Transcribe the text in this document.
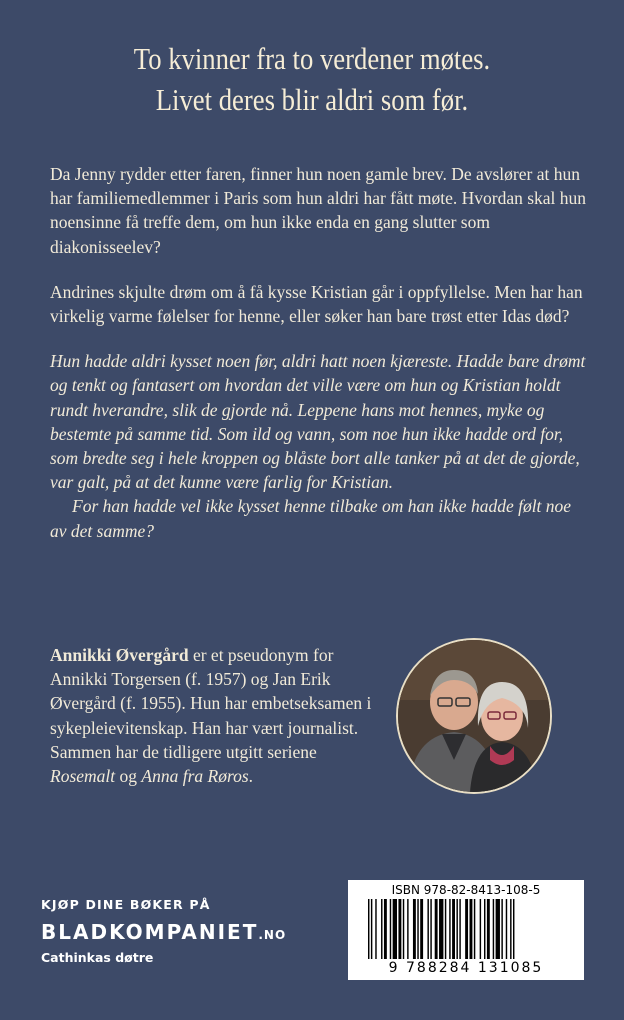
To kvinner fra to verdener møtes.
Livet deres blir aldri som før.

Da Jenny rydder etter faren, finner hun noen gamle brev. De avslører at hun har familiemedlemmer i Paris som hun aldri har fått møte. Hvordan skal hun noensinne få treffe dem, om hun ikke enda en gang slutter som diakonisseelev?

Andrines skjulte drøm om å få kysse Kristian går i oppfyllelse. Men har han virkelig varme følelser for henne, eller søker han bare trøst etter Idas død?

Hun hadde aldri kysset noen før, aldri hatt noen kjæreste. Hadde bare drømt og tenkt og fantasert om hvordan det ville være om hun og Kristian holdt rundt hverandre, slik de gjorde nå. Leppene hans mot hennes, myke og bestemte på samme tid. Som ild og vann, som noe hun ikke hadde ord for, som bredte seg i hele kroppen og blåste bort alle tanker på at det de gjorde, var galt, på at det kunne være farlig for Kristian.

For han hadde vel ikke kysset henne tilbake om han ikke hadde følt noe av det samme?

Annikki Øvergård er et pseudonym for Annikki Torgersen (f. 1957) og Jan Erik Øvergård (f. 1955). Hun har embetseksamen i sykepleievitenskap. Han har vært journalist. Sammen har de tidligere utgitt seriene Rosemalt og Anna fra Røros.
KJØP DINE BØKER PÅ
BLADKOMPANIET.NO
Cathinkas døtre
ISBN 978-82-8413-108-5
9 788284 131085
